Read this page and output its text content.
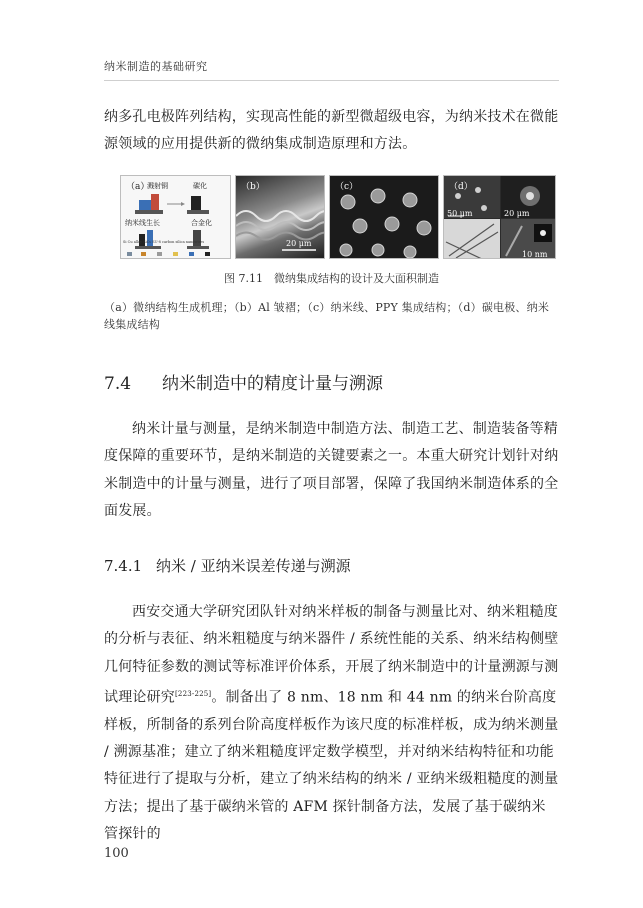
纳米制造的基础研究

纳多孔电极阵列结构，实现高性能的新型微超级电容，为纳米技术在微能源领域的应用提供新的微纳集成制造原理和方法。

（a）
溅射铜	碳化
纳米线生长	合金化
Si Cu alloy SiO₂ SU-8 carbon silica nanowires
（b）
20 μm
（c）	（d）
50 μm	20 μm
10 nm

图 7.11　微纳集成结构的设计及大面积制造

（a）微纳结构生成机理；（b）Al 皱褶；（c）纳米线、PPY 集成结构；（d）碳电极、纳米线集成结构

7.4 纳米制造中的精度计量与溯源

纳米计量与测量，是纳米制造中制造方法、制造工艺、制造装备等精度保障的重要环节，是纳米制造的关键要素之一。本重大研究计划针对纳米制造中的计量与测量，进行了项目部署，保障了我国纳米制造体系的全面发展。

7.4.1 纳米 / 亚纳米误差传递与溯源

西安交通大学研究团队针对纳米样板的制备与测量比对、纳米粗糙度的分析与表征、纳米粗糙度与纳米器件 / 系统性能的关系、纳米结构侧壁几何特征参数的测试等标准评价体系，开展了纳米制造中的计量溯源与测试理论研究[223-225]。制备出了 8 nm、18 nm 和 44 nm 的纳米台阶高度样板，所制备的系列台阶高度样板作为该尺度的标准样板，成为纳米测量 / 溯源基准；建立了纳米粗糙度评定数学模型，并对纳米结构特征和功能特征进行了提取与分析，建立了纳米结构的纳米 / 亚纳米级粗糙度的测量方法；提出了基于碳纳米管的 AFM 探针制备方法，发展了基于碳纳米管探针的

100
